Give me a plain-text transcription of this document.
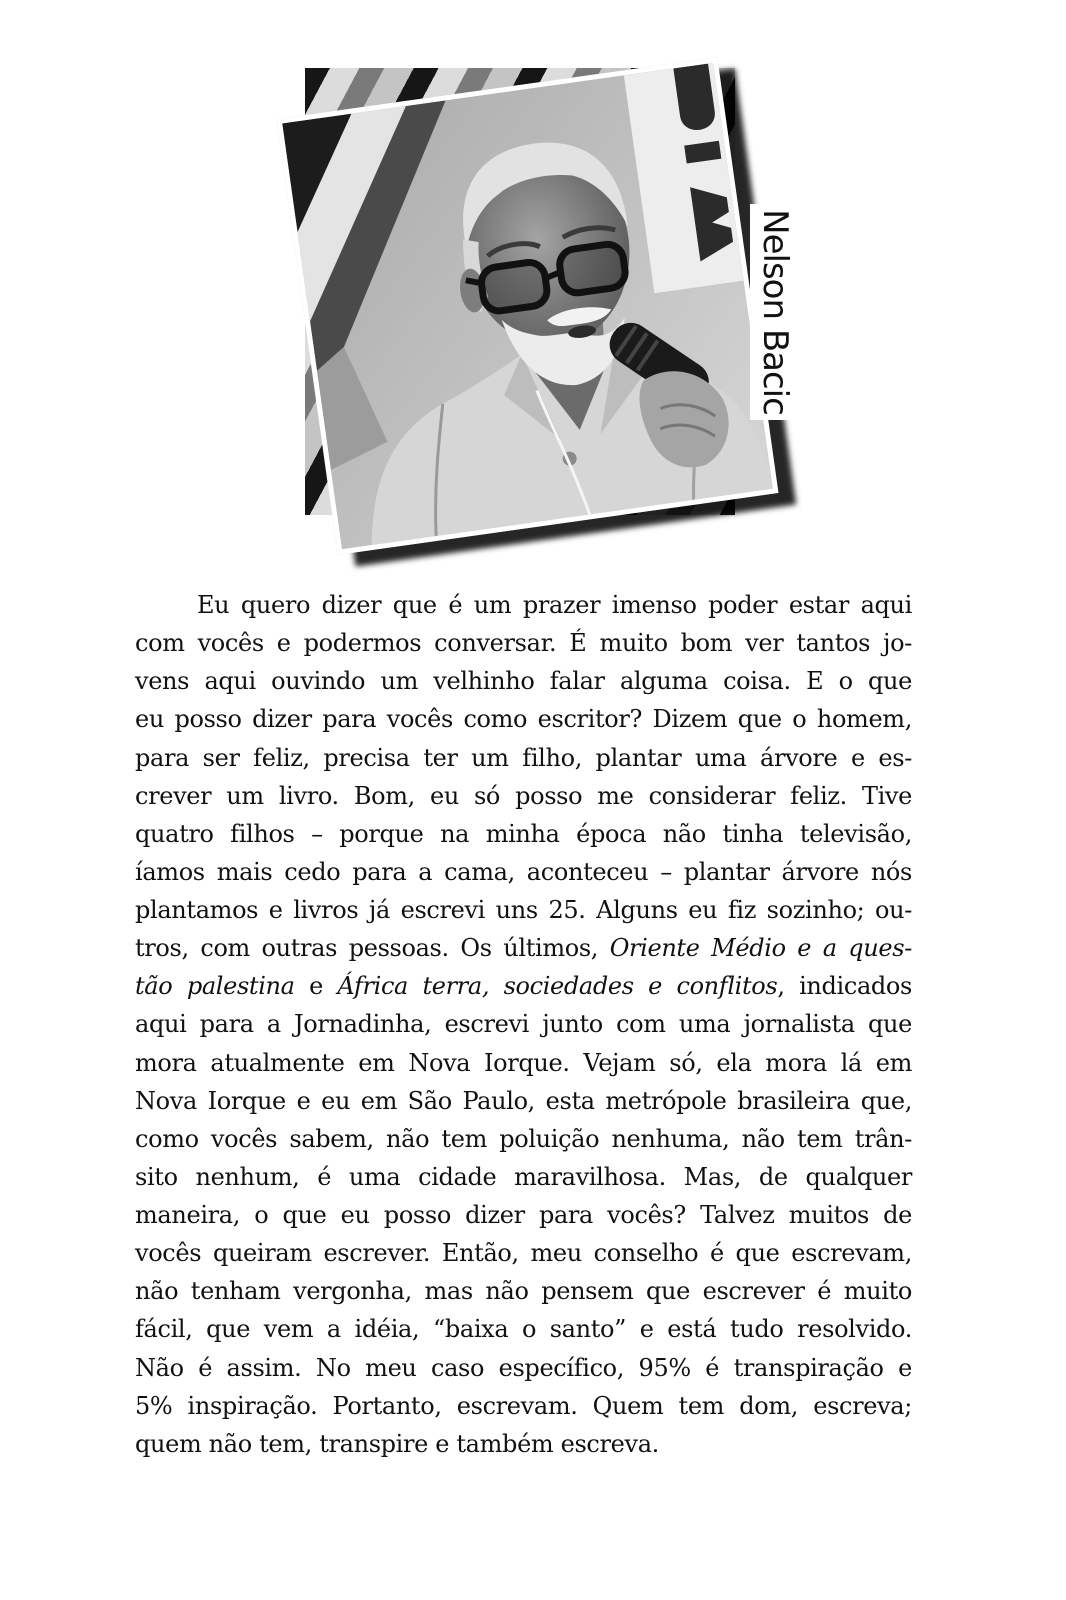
Nelson Bacic
Eu quero dizer que é um prazer imenso poder estar aqui
com vocês e podermos conversar. É muito bom ver tantos jo-
vens aqui ouvindo um velhinho falar alguma coisa. E o que
eu posso dizer para vocês como escritor? Dizem que o homem,
para ser feliz, precisa ter um filho, plantar uma árvore e es-
crever um livro. Bom, eu só posso me considerar feliz. Tive
quatro filhos – porque na minha época não tinha televisão,
íamos mais cedo para a cama, aconteceu – plantar árvore nós
plantamos e livros já escrevi uns 25. Alguns eu fiz sozinho; ou-
tros, com outras pessoas. Os últimos, Oriente Médio e a ques-
tão palestina e África terra, sociedades e conflitos, indicados
aqui para a Jornadinha, escrevi junto com uma jornalista que
mora atualmente em Nova Iorque. Vejam só, ela mora lá em
Nova Iorque e eu em São Paulo, esta metrópole brasileira que,
como vocês sabem, não tem poluição nenhuma, não tem trân-
sito nenhum, é uma cidade maravilhosa. Mas, de qualquer
maneira, o que eu posso dizer para vocês? Talvez muitos de
vocês queiram escrever. Então, meu conselho é que escrevam,
não tenham vergonha, mas não pensem que escrever é muito
fácil, que vem a idéia, “baixa o santo” e está tudo resolvido.
Não é assim. No meu caso específico, 95% é transpiração e
5% inspiração. Portanto, escrevam. Quem tem dom, escreva;
quem não tem, transpire e também escreva.
